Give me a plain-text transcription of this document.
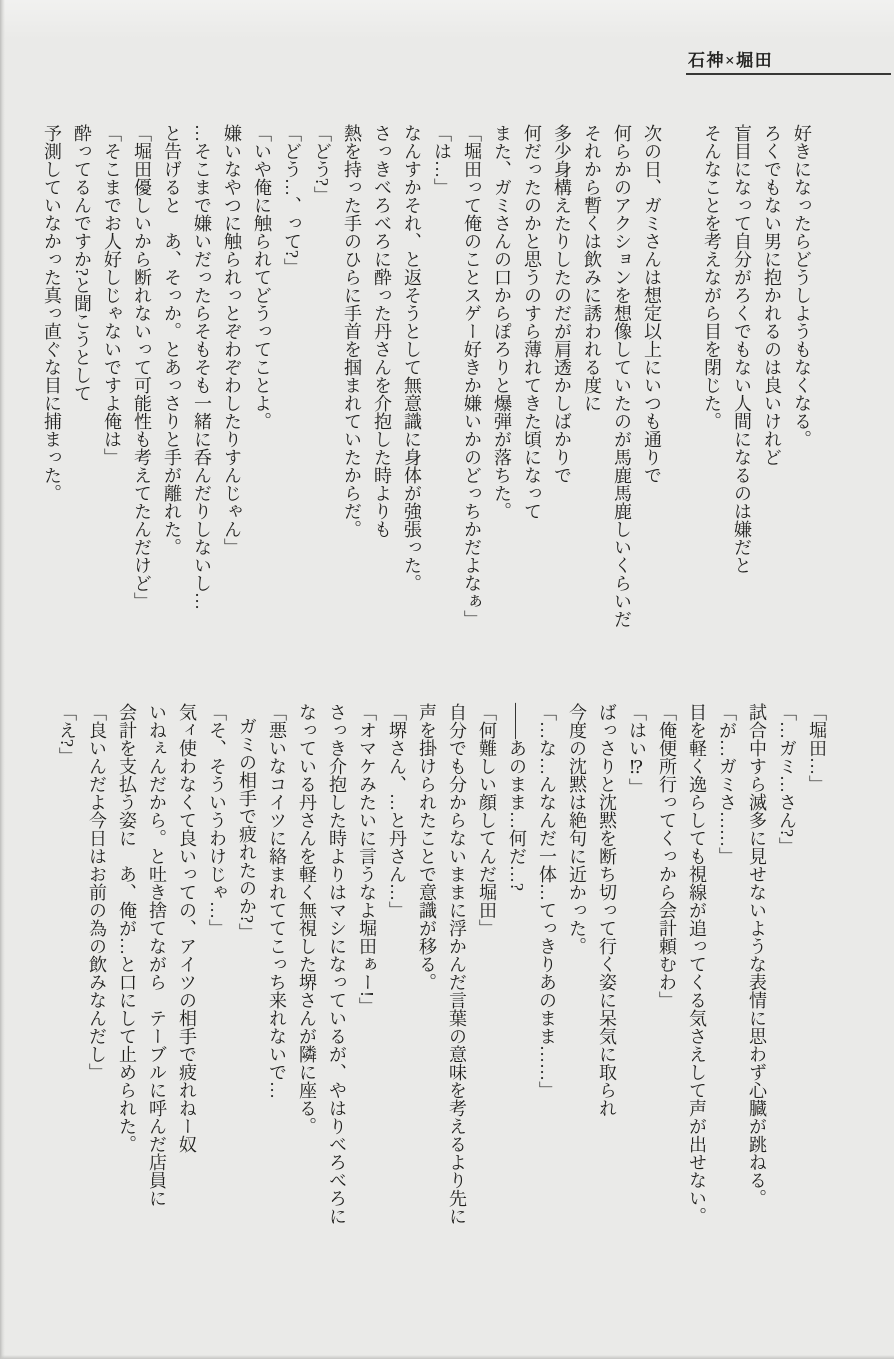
石神×堀田

好きになったらどうしようもなくなる。

ろくでもない男に抱かれるのは良いけれど

盲目になって自分がろくでもない人間になるのは嫌だと

そんなことを考えながら目を閉じた。

次の日、ガミさんは想定以上にいつも通りで

何らかのアクションを想像していたのが馬鹿馬鹿しいくらいだ

それから暫くは飲みに誘われる度に

多少身構えたりしたのだが肩透かしばかりで

何だったのかと思うのすら薄れてきた頃になって

また、ガミさんの口からぽろりと爆弾が落ちた。

「堀田って俺のことスゲー好きか嫌いかのどっちかだよなぁ」

「は…」

なんすかそれ、と返そうとして無意識に身体が強張った。

さっきべろべろに酔った丹さんを介抱した時よりも

熱を持った手のひらに手首を掴まれていたからだ。

「どう?」

「どう…、って?」

「いや俺に触られてどうってことよ。

嫌いなやつに触られっとぞわぞわしたりすんじゃん」

…そこまで嫌いだったらそもそも一緒に呑んだりしないし…

と告げると　あ、そっか。とあっさりと手が離れた。

「堀田優しいから断れないって可能性も考えてたんだけど」

「そこまでお人好しじゃないですよ俺は」

酔ってるんですか?と聞こうとして

予測していなかった真っ直ぐな目に捕まった。

「堀田…」

「…ガミ…さん?」

試合中すら滅多に見せないような表情に思わず心臓が跳ねる。

「が…ガミさ……」

目を軽く逸らしても視線が追ってくる気さえして声が出せない。

「俺便所行ってくっから会計頼むわ」

「はい⁉」

ばっさりと沈黙を断ち切って行く姿に呆気に取られ

今度の沈黙は絶句に近かった。

「…な…んなんだ一体…てっきりあのまま……」

――あのまま…何だ…?

「何難しい顔してんだ堀田」

自分でも分からないままに浮かんだ言葉の意味を考えるより先に

声を掛けられたことで意識が移る。

「堺さん、…と丹さん…」

「オマケみたいに言うなよ堀田ぁー!」

さっき介抱した時よりはマシになっているが、やはりべろべろに

なっている丹さんを軽く無視した堺さんが隣に座る。

「悪いなコイツに絡まれててこっち来れないで…

ガミの相手で疲れたのか?」

「そ、そういうわけじゃ…」

気ィ使わなくて良いっての、アイツの相手で疲れねー奴

いねぇんだから。と吐き捨てながら　テーブルに呼んだ店員に

会計を支払う姿に　あ、俺が…と口にして止められた。

「良いんだよ今日はお前の為の飲みなんだし」

「え?」
